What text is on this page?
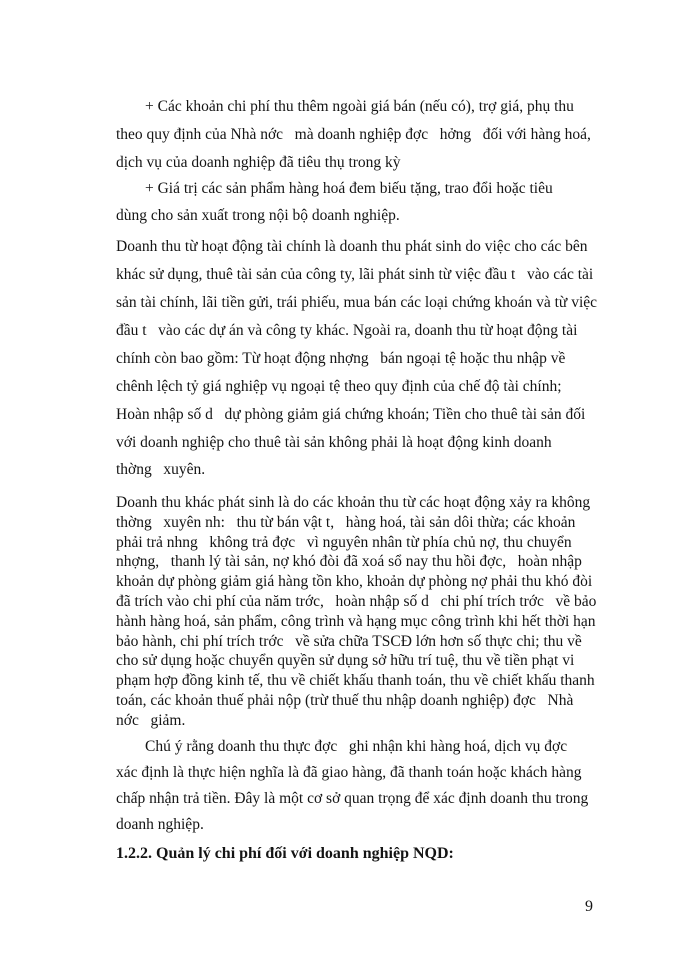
+ Các khoản chi phí thu thêm ngoài giá bán (nếu có), trợ giá, phụ thu
theo quy định của Nhà nớc   mà doanh nghiệp đợc   hởng   đối với hàng hoá,
dịch vụ của doanh nghiệp đã tiêu thụ trong kỳ
+ Giá trị các sản phẩm hàng hoá đem biếu tặng, trao đổi hoặc tiêu
dùng cho sản xuất trong nội bộ doanh nghiệp.
Doanh thu từ hoạt động tài chính là doanh thu phát sinh do việc cho các bên
khác sử dụng, thuê tài sản của công ty, lãi phát sinh từ việc đầu t   vào các tài
sản tài chính, lãi tiền gửi, trái phiếu, mua bán các loại chứng khoán và từ việc
đầu t   vào các dự án và công ty khác. Ngoài ra, doanh thu từ hoạt động tài
chính còn bao gồm: Từ hoạt động nhợng   bán ngoại tệ hoặc thu nhập về
chênh lệch tỷ giá nghiệp vụ ngoại tệ theo quy định của chế độ tài chính;
Hoàn nhập số d   dự phòng giảm giá chứng khoán; Tiền cho thuê tài sản đối
với doanh nghiệp cho thuê tài sản không phải là hoạt động kinh doanh
thờng   xuyên.
Doanh thu khác phát sinh là do các khoản thu từ các hoạt động xảy ra không
thờng   xuyên nh:   thu từ bán vật t,   hàng hoá, tài sản dôi thừa; các khoản
phải trả nhng   không trả đợc   vì nguyên nhân từ phía chủ nợ, thu chuyển
nhợng,   thanh lý tài sản, nợ khó đòi đã xoá sổ nay thu hồi đợc,   hoàn nhập
khoản dự phòng giảm giá hàng tồn kho, khoản dự phòng nợ phải thu khó đòi
đã trích vào chi phí của năm trớc,   hoàn nhập số d   chi phí trích trớc   về bảo
hành hàng hoá, sản phẩm, công trình và hạng mục công trình khi hết thời hạn
bảo hành, chi phí trích trớc   về sửa chữa TSCĐ lớn hơn số thực chi; thu về
cho sử dụng hoặc chuyển quyền sử dụng sở hữu trí tuệ, thu về tiền phạt vi
phạm hợp đồng kinh tế, thu về chiết khấu thanh toán, thu về chiết khấu thanh
toán, các khoản thuế phải nộp (trừ thuế thu nhập doanh nghiệp) đợc   Nhà
nớc   giảm.
Chú ý rằng doanh thu thực đợc   ghi nhận khi hàng hoá, dịch vụ đợc
xác định là thực hiện nghĩa là đã giao hàng, đã thanh toán hoặc khách hàng
chấp nhận trả tiền. Đây là một cơ sở quan trọng để xác định doanh thu trong
doanh nghiệp.
1.2.2. Quản lý chi phí đối với doanh nghiệp NQD:
9
